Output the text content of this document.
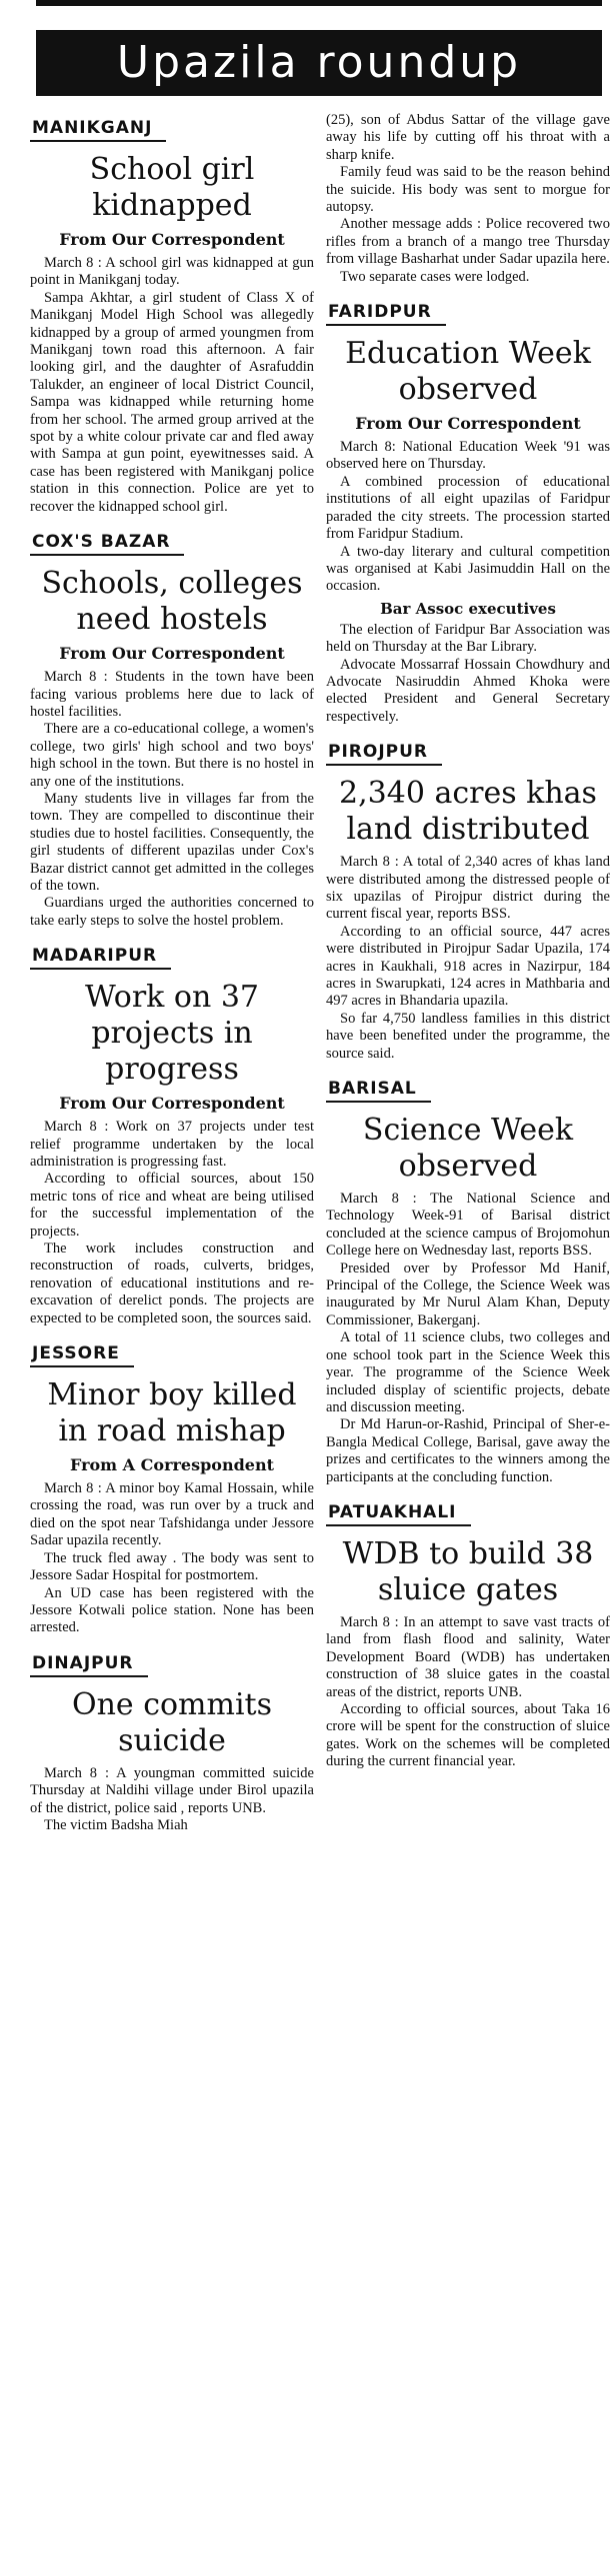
Upazila roundup
MANIKGANJ
School girl kidnapped
From Our Correspondent

March 8 : A school girl was kidnapped at gun point in Manikganj today.

Sampa Akhtar, a girl student of Class X of Manikganj Model High School was allegedly kidnapped by a group of armed youngmen from Manikganj town road this afternoon. A fair looking girl, and the daughter of Asrafuddin Talukder, an engineer of local District Council, Sampa was kidnapped while returning home from her school. The armed group arrived at the spot by a white colour private car and fled away with Sampa at gun point, eyewitnesses said. A case has been registered with Manikganj police station in this connection. Police are yet to recover the kidnapped school girl.

COX'S BAZAR
Schools, colleges need hostels
From Our Correspondent

March 8 : Students in the town have been facing various problems here due to lack of hostel facilities.

There are a co-educational college, a women's college, two girls' high school and two boys' high school in the town. But there is no hostel in any one of the institutions.

Many students live in villages far from the town. They are compelled to discontinue their studies due to hostel facilities. Consequently, the girl students of different upazilas under Cox's Bazar district cannot get admitted in the colleges of the town.

Guardians urged the authorities concerned to take early steps to solve the hostel problem.

MADARIPUR
Work on 37 projects in progress
From Our Correspondent

March 8 : Work on 37 projects under test relief programme undertaken by the local administration is progressing fast.

According to official sources, about 150 metric tons of rice and wheat are being utilised for the successful implementation of the projects.

The work includes construction and reconstruction of roads, culverts, bridges, renovation of educational institutions and re-excavation of derelict ponds. The projects are expected to be completed soon, the sources said.

JESSORE
Minor boy killed in road mishap
From A Correspondent

March 8 : A minor boy Kamal Hossain, while crossing the road, was run over by a truck and died on the spot near Tafshidanga under Jessore Sadar upazila recently.

The truck fled away . The body was sent to Jessore Sadar Hospital for postmortem.

An UD case has been registered with the Jessore Kotwali police station. None has been arrested.

DINAJPUR
One commits suicide

March 8 : A youngman committed suicide Thursday at Naldihi village under Birol upazila of the district, police said , reports UNB.

The victim Badsha Miah

(25), son of Abdus Sattar of the village gave away his life by cutting off his throat with a sharp knife.

Family feud was said to be the reason behind the suicide. His body was sent to morgue for autopsy.

Another message adds : Police recovered two rifles from a branch of a mango tree Thursday from village Basharhat under Sadar upazila here.

Two separate cases were lodged.

FARIDPUR
Education Week observed
From Our Correspondent

March 8: National Education Week '91 was observed here on Thursday.

A combined procession of educational institutions of all eight upazilas of Faridpur paraded the city streets. The procession started from Faridpur Stadium.

A two-day literary and cultural competition was organised at Kabi Jasimuddin Hall on the occasion.

Bar Assoc executives

The election of Faridpur Bar Association was held on Thursday at the Bar Library.

Advocate Mossarraf Hossain Chowdhury and Advocate Nasiruddin Ahmed Khoka were elected President and General Secretary respectively.

PIROJPUR
2,340 acres khas land distributed

March 8 : A total of 2,340 acres of khas land were distributed among the distressed people of six upazilas of Pirojpur district during the current fiscal year, reports BSS.

According to an official source, 447 acres were distributed in Pirojpur Sadar Upazila, 174 acres in Kaukhali, 918 acres in Nazirpur, 184 acres in Swarupkati, 124 acres in Mathbaria and 497 acres in Bhandaria upazila.

So far 4,750 landless families in this district have been benefited under the programme, the source said.

BARISAL
Science Week observed

March 8 : The National Science and Technology Week-91 of Barisal district concluded at the science campus of Brojomohun College here on Wednesday last, reports BSS.

Presided over by Professor Md Hanif, Principal of the College, the Science Week was inaugurated by Mr Nurul Alam Khan, Deputy Commissioner, Bakerganj.

A total of 11 science clubs, two colleges and one school took part in the Science Week this year. The programme of the Science Week included display of scientific projects, debate and discussion meeting.

Dr Md Harun-or-Rashid, Principal of Sher-e-Bangla Medical College, Barisal, gave away the prizes and certificates to the winners among the participants at the concluding function.

PATUAKHALI
WDB to build 38 sluice gates

March 8 : In an attempt to save vast tracts of land from flash flood and salinity, Water Development Board (WDB) has undertaken construction of 38 sluice gates in the coastal areas of the district, reports UNB.

According to official sources, about Taka 16 crore will be spent for the construction of sluice gates. Work on the schemes will be completed during the current financial year.
